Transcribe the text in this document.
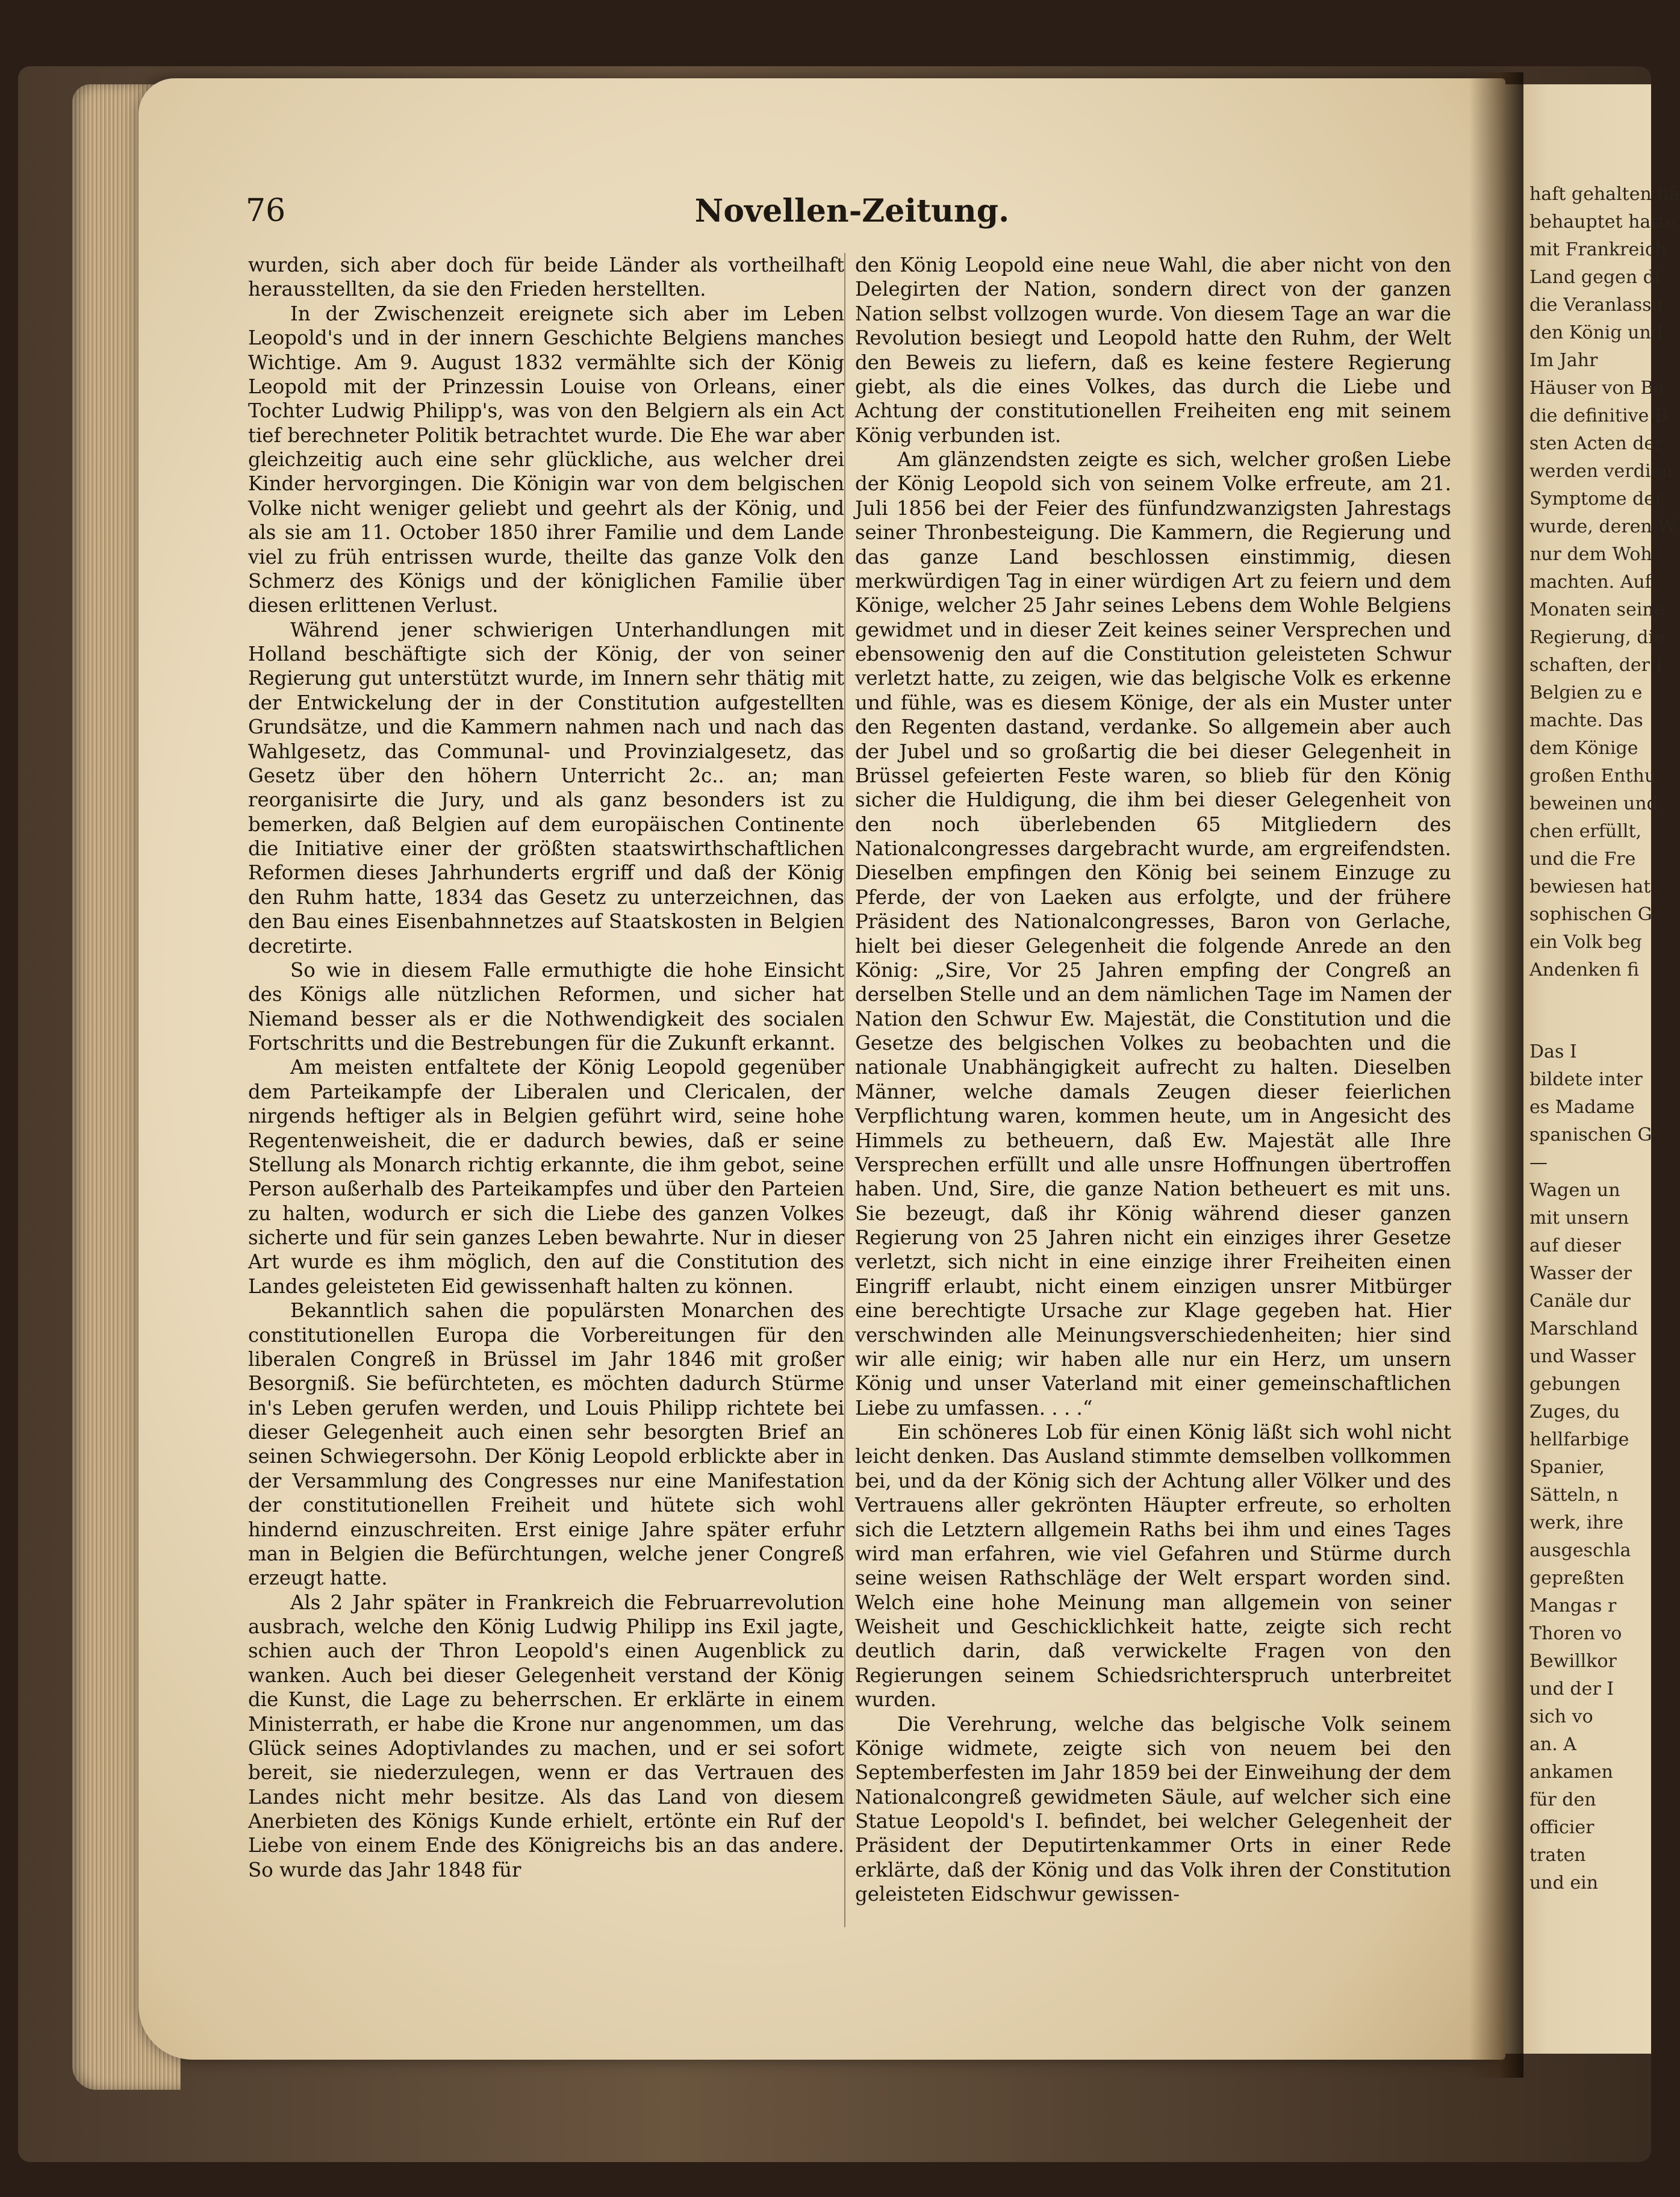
76	Novellen-Zeitung.

wurden, sich aber doch für beide Länder als vortheilhaft herausstellten, da sie den Frieden herstellten.

In der Zwischenzeit ereignete sich aber im Leben Leopold's und in der innern Geschichte Belgiens manches Wichtige. Am 9. August 1832 vermählte sich der König Leopold mit der Prinzessin Louise von Orleans, einer Tochter Ludwig Philipp's, was von den Belgiern als ein Act tief berechneter Politik betrachtet wurde. Die Ehe war aber gleichzeitig auch eine sehr glückliche, aus welcher drei Kinder hervorgingen. Die Königin war von dem belgischen Volke nicht weniger geliebt und geehrt als der König, und als sie am 11. October 1850 ihrer Familie und dem Lande viel zu früh entrissen wurde, theilte das ganze Volk den Schmerz des Königs und der königlichen Familie über diesen erlittenen Verlust.

Während jener schwierigen Unterhandlungen mit Holland beschäftigte sich der König, der von seiner Regierung gut unterstützt wurde, im Innern sehr thätig mit der Entwickelung der in der Constitution aufgestellten Grundsätze, und die Kammern nahmen nach und nach das Wahlgesetz, das Communal- und Provinzialgesetz, das Gesetz über den höhern Unterricht 2c.. an; man reorganisirte die Jury, und als ganz besonders ist zu bemerken, daß Belgien auf dem europäischen Continente die Initiative einer der größten staatswirthschaftlichen Reformen dieses Jahrhunderts ergriff und daß der König den Ruhm hatte, 1834 das Gesetz zu unterzeichnen, das den Bau eines Eisenbahnnetzes auf Staatskosten in Belgien decretirte.

So wie in diesem Falle ermuthigte die hohe Einsicht des Königs alle nützlichen Reformen, und sicher hat Niemand besser als er die Nothwendigkeit des socialen Fortschritts und die Bestrebungen für die Zukunft erkannt.

Am meisten entfaltete der König Leopold gegenüber dem Parteikampfe der Liberalen und Clericalen, der nirgends heftiger als in Belgien geführt wird, seine hohe Regentenweisheit, die er dadurch bewies, daß er seine Stellung als Monarch richtig erkannte, die ihm gebot, seine Person außerhalb des Parteikampfes und über den Parteien zu halten, wodurch er sich die Liebe des ganzen Volkes sicherte und für sein ganzes Leben bewahrte. Nur in dieser Art wurde es ihm möglich, den auf die Constitution des Landes geleisteten Eid gewissenhaft halten zu können.

Bekanntlich sahen die populärsten Monarchen des constitutionellen Europa die Vorbereitungen für den liberalen Congreß in Brüssel im Jahr 1846 mit großer Besorgniß. Sie befürchteten, es möchten dadurch Stürme in's Leben gerufen werden, und Louis Philipp richtete bei dieser Gelegenheit auch einen sehr besorgten Brief an seinen Schwiegersohn. Der König Leopold erblickte aber in der Versammlung des Congresses nur eine Manifestation der constitutionellen Freiheit und hütete sich wohl hindernd einzuschreiten. Erst einige Jahre später erfuhr man in Belgien die Befürchtungen, welche jener Congreß erzeugt hatte.

Als 2 Jahr später in Frankreich die Februarrevolution ausbrach, welche den König Ludwig Philipp ins Exil jagte, schien auch der Thron Leopold's einen Augenblick zu wanken. Auch bei dieser Gelegenheit verstand der König die Kunst, die Lage zu beherrschen. Er erklärte in einem Ministerrath, er habe die Krone nur angenommen, um das Glück seines Adoptivlandes zu machen, und er sei sofort bereit, sie niederzulegen, wenn er das Vertrauen des Landes nicht mehr besitze. Als das Land von diesem Anerbieten des Königs Kunde erhielt, ertönte ein Ruf der Liebe von einem Ende des Königreichs bis an das andere. So wurde das Jahr 1848 für

den König Leopold eine neue Wahl, die aber nicht von den Delegirten der Nation, sondern direct von der ganzen Nation selbst vollzogen wurde. Von diesem Tage an war die Revolution besiegt und Leopold hatte den Ruhm, der Welt den Beweis zu liefern, daß es keine festere Regierung giebt, als die eines Volkes, das durch die Liebe und Achtung der constitutionellen Freiheiten eng mit seinem König verbunden ist.

Am glänzendsten zeigte es sich, welcher großen Liebe der König Leopold sich von seinem Volke erfreute, am 21. Juli 1856 bei der Feier des fünfundzwanzigsten Jahrestags seiner Thronbesteigung. Die Kammern, die Regierung und das ganze Land beschlossen einstimmig, diesen merkwürdigen Tag in einer würdigen Art zu feiern und dem Könige, welcher 25 Jahr seines Lebens dem Wohle Belgiens gewidmet und in dieser Zeit keines seiner Versprechen und ebensowenig den auf die Constitution geleisteten Schwur verletzt hatte, zu zeigen, wie das belgische Volk es erkenne und fühle, was es diesem Könige, der als ein Muster unter den Regenten dastand, verdanke. So allgemein aber auch der Jubel und so großartig die bei dieser Gelegenheit in Brüssel gefeierten Feste waren, so blieb für den König sicher die Huldigung, die ihm bei dieser Gelegenheit von den noch überlebenden 65 Mitgliedern des Nationalcongresses dargebracht wurde, am ergreifendsten. Dieselben empfingen den König bei seinem Einzuge zu Pferde, der von Laeken aus erfolgte, und der frühere Präsident des Nationalcongresses, Baron von Gerlache, hielt bei dieser Gelegenheit die folgende Anrede an den König: „Sire, Vor 25 Jahren empfing der Congreß an derselben Stelle und an dem nämlichen Tage im Namen der Nation den Schwur Ew. Majestät, die Constitution und die Gesetze des belgischen Volkes zu beobachten und die nationale Unabhängigkeit aufrecht zu halten. Dieselben Männer, welche damals Zeugen dieser feierlichen Verpflichtung waren, kommen heute, um in Angesicht des Himmels zu betheuern, daß Ew. Majestät alle Ihre Versprechen erfüllt und alle unsre Hoffnungen übertroffen haben. Und, Sire, die ganze Nation betheuert es mit uns. Sie bezeugt, daß ihr König während dieser ganzen Regierung von 25 Jahren nicht ein einziges ihrer Gesetze verletzt, sich nicht in eine einzige ihrer Freiheiten einen Eingriff erlaubt, nicht einem einzigen unsrer Mitbürger eine berechtigte Ursache zur Klage gegeben hat. Hier verschwinden alle Meinungsverschiedenheiten; hier sind wir alle einig; wir haben alle nur ein Herz, um unsern König und unser Vaterland mit einer gemeinschaftlichen Liebe zu umfassen. . . .“

Ein schöneres Lob für einen König läßt sich wohl nicht leicht denken. Das Ausland stimmte demselben vollkommen bei, und da der König sich der Achtung aller Völker und des Vertrauens aller gekrönten Häupter erfreute, so erholten sich die Letztern allgemein Raths bei ihm und eines Tages wird man erfahren, wie viel Gefahren und Stürme durch seine weisen Rathschläge der Welt erspart worden sind. Welch eine hohe Meinung man allgemein von seiner Weisheit und Geschicklichkeit hatte, zeigte sich recht deutlich darin, daß verwickelte Fragen von den Regierungen seinem Schiedsrichterspruch unterbreitet wurden.

Die Verehrung, welche das belgische Volk seinem Könige widmete, zeigte sich von neuem bei den Septemberfesten im Jahr 1859 bei der Einweihung der dem Nationalcongreß gewidmeten Säule, auf welcher sich eine Statue Leopold's I. befindet, bei welcher Gelegenheit der Präsident der Deputirtenkammer Orts in einer Rede erklärte, daß der König und das Volk ihren der Constitution geleisteten Eidschwur gewissen-

haft gehalten hä
behauptet hatte
mit Frankreich
Land gegen di
die Veranlassu
den König und
Im Jahr
Häuser von Be
die definitive B
sten Acten der
werden verdien
Symptome der
wurde, deren W
nur dem Woh
machten. Auf
Monaten seine
Regierung, die
schaften, der I
Belgien zu e
machte. Das
dem Könige
großen Enthu
beweinen und
chen erfüllt,
und die Fre
bewiesen hat
sophischen G
ein Volk beg
Andenken fi
Das I
bildete inter
es Madame
spanischen G
—
Wagen un
mit unsern
auf dieser
Wasser der
Canäle dur
Marschland
und Wasser
gebungen
Zuges, du
hellfarbige
Spanier,
Sätteln, n
werk, ihre
ausgeschla
gepreßten
Mangas r
Thoren vo
Bewillkor
und der I
sich vo
an. A
ankamen
für den
officier
traten
und ein
